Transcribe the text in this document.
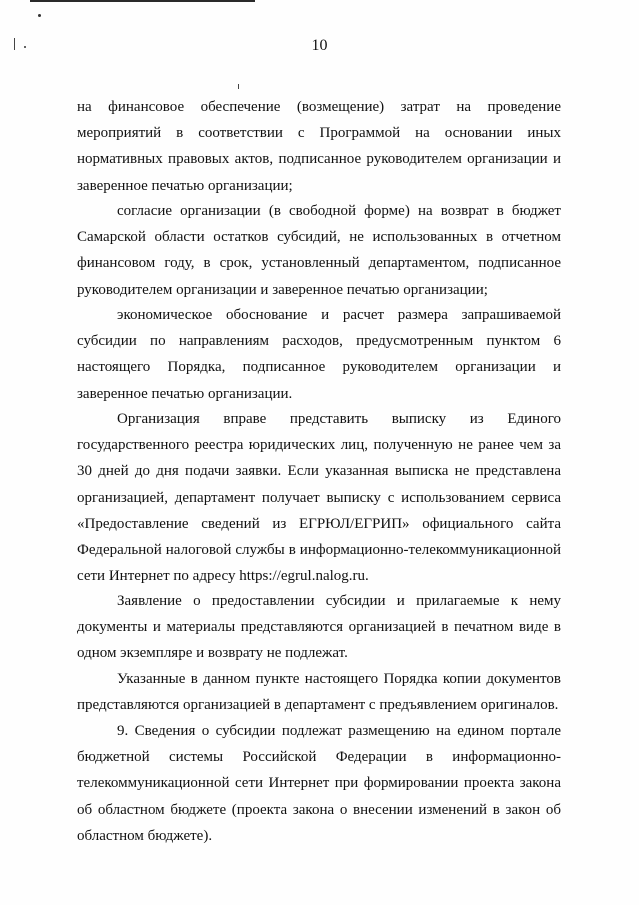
10

на финансовое обеспечение (возмещение) затрат на проведение мероприятий в соответствии с Программой на основании иных нормативных правовых актов, подписанное руководителем организации и заверенное печатью организации;

согласие организации (в свободной форме) на возврат в бюджет Самарской области остатков субсидий, не использованных в отчетном финансовом году, в срок, установленный департаментом, подписанное руководителем организации и заверенное печатью организации;

экономическое обоснование и расчет размера запрашиваемой субсидии по направлениям расходов, предусмотренным пунктом 6 настоящего Порядка, подписанное руководителем организации и заверенное печатью организации.

Организация вправе представить выписку из Единого государственного реестра юридических лиц, полученную не ранее чем за 30 дней до дня подачи заявки. Если указанная выписка не представлена организацией, департамент получает выписку с использованием сервиса «Предоставление сведений из ЕГРЮЛ/ЕГРИП» официального сайта Федеральной налоговой службы в информационно-телекоммуникационной сети Интернет по адресу https://egrul.nalog.ru.

Заявление о предоставлении субсидии и прилагаемые к нему документы и материалы представляются организацией в печатном виде в одном экземпляре и возврату не подлежат.

Указанные в данном пункте настоящего Порядка копии документов представляются организацией в департамент с предъявлением оригиналов.

9. Сведения о субсидии подлежат размещению на едином портале бюджетной системы Российской Федерации в информационно-телекоммуникационной сети Интернет при формировании проекта закона об областном бюджете (проекта закона о внесении изменений в закон об областном бюджете).
